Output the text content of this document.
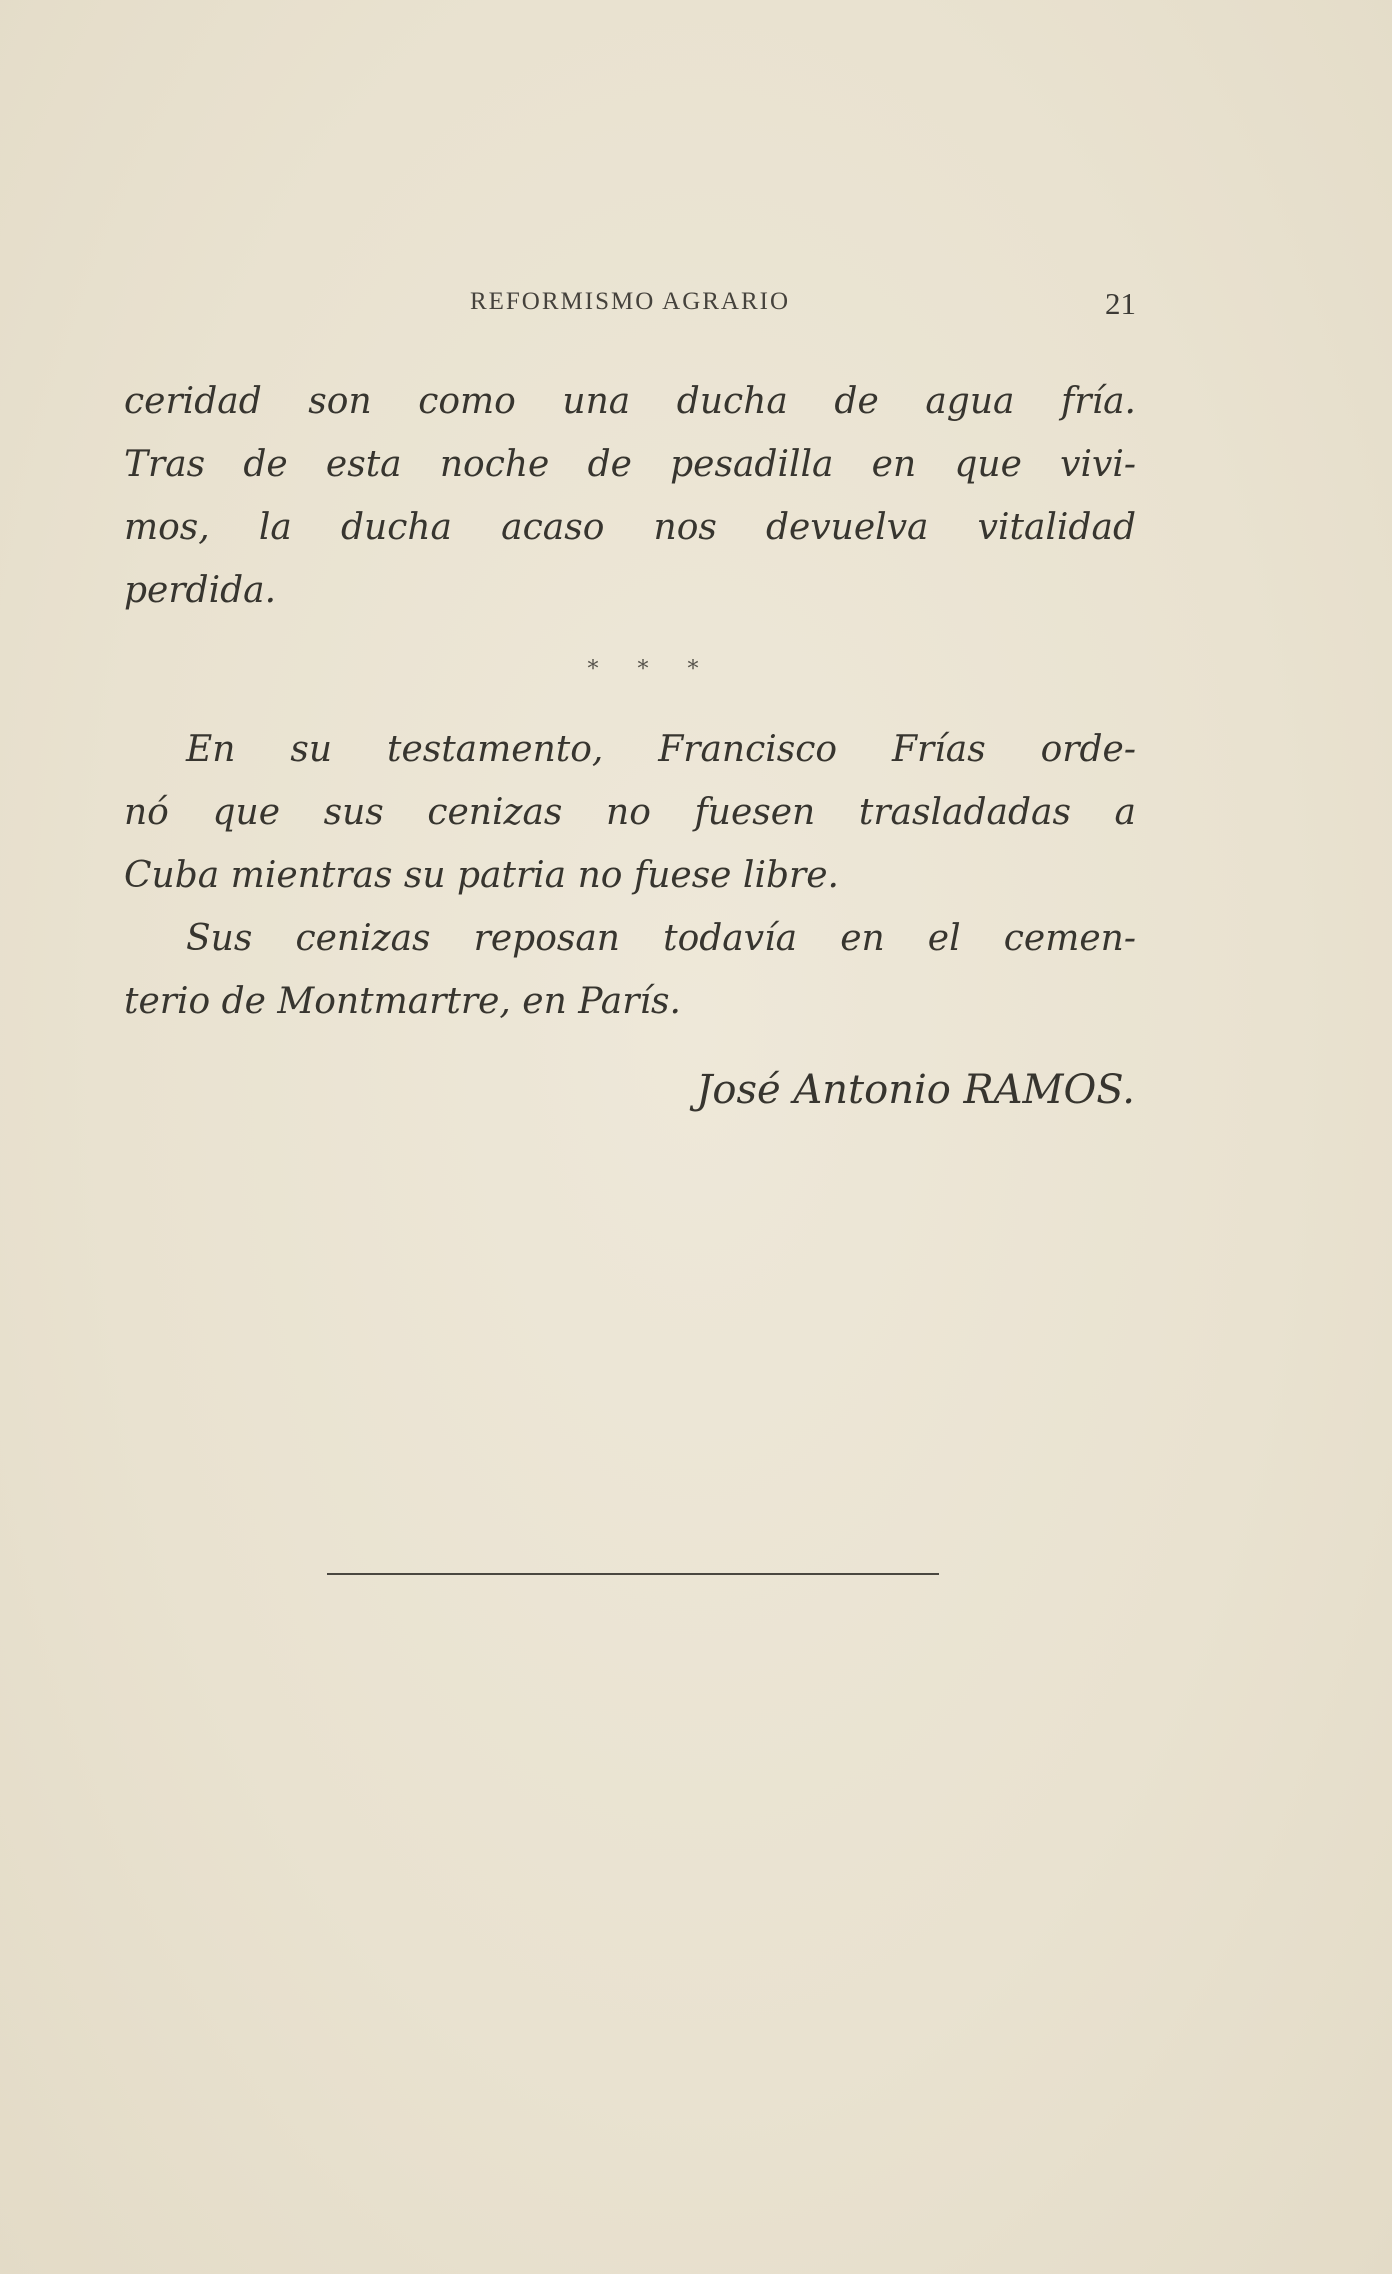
REFORMISMO AGRARIO	21
ceridad son como una ducha de agua fría.
Tras de esta noche de pesadilla en que vivi-
mos, la ducha acaso nos devuelva vitalidad
perdida.
* * *
En su testamento, Francisco Frías orde-
nó que sus cenizas no fuesen trasladadas a
Cuba mientras su patria no fuese libre.
Sus cenizas reposan todavía en el cemen-
terio de Montmartre, en París.
José Antonio RAMOS.
